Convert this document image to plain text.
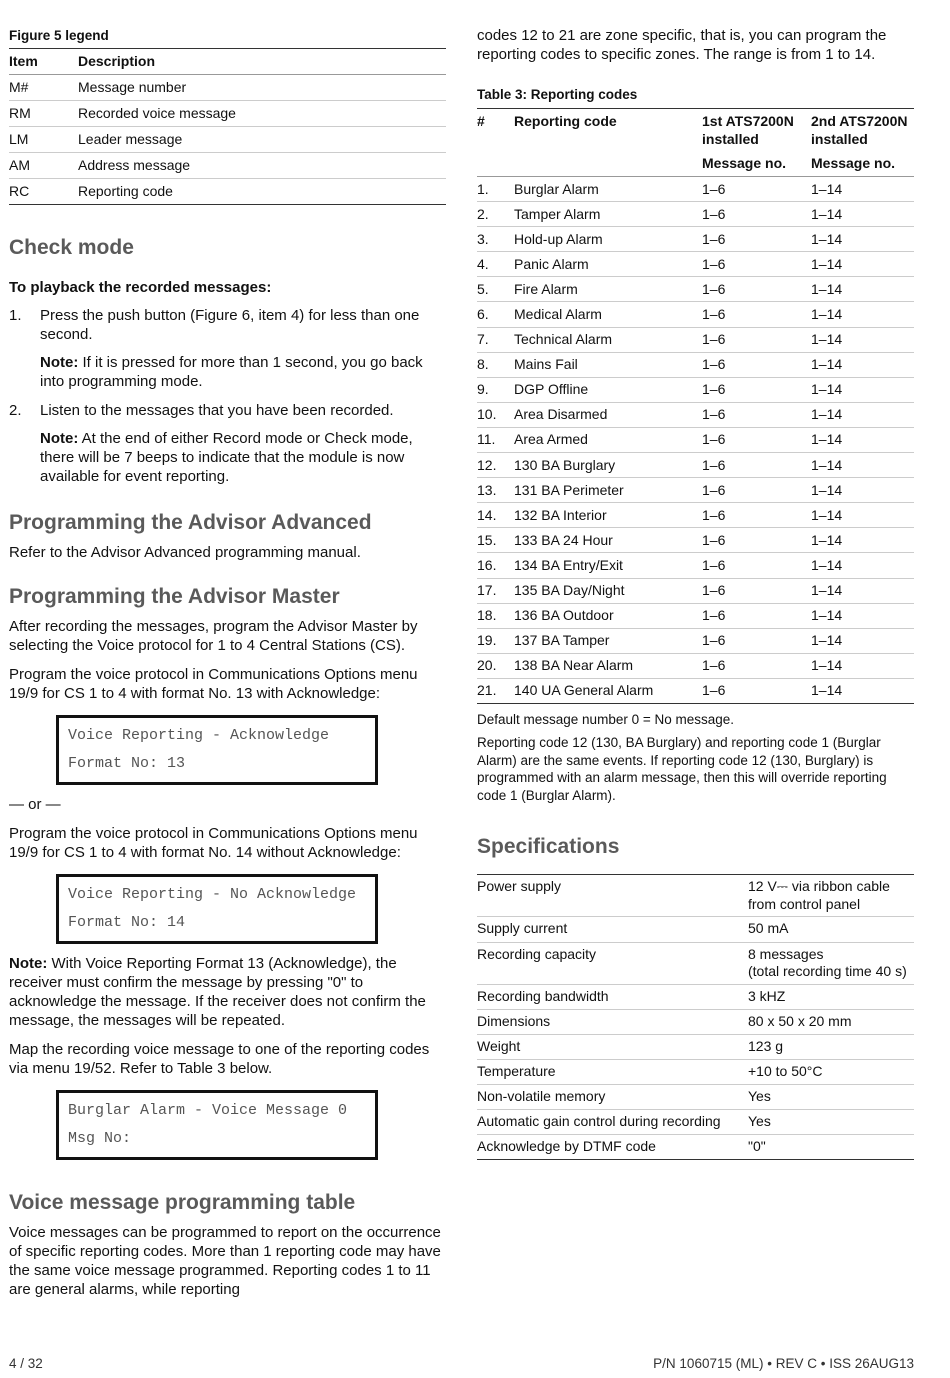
Figure 5 legend
Item	Description
M#	Message number
RM	Recorded voice message
LM	Leader message
AM	Address message
RC	Reporting code
Check mode
To playback the recorded messages:
1. Press the push button (Figure 6, item 4) for less than one second.

Note: If it is pressed for more than 1 second, you go back into programming mode.

2. Listen to the messages that you have been recorded.

Note: At the end of either Record mode or Check mode, there will be 7 beeps to indicate that the module is now available for event reporting.

Programming the Advisor Advanced

Refer to the Advisor Advanced programming manual.

Programming the Advisor Master

After recording the messages, program the Advisor Master by selecting the Voice protocol for 1 to 4 Central Stations (CS).

Program the voice protocol in Communications Options menu 19/9 for CS 1 to 4 with format No. 13 with Acknowledge:

Voice Reporting - Acknowledge
Format No: 13
— or —

Program the voice protocol in Communications Options menu 19/9 for CS 1 to 4 with format No. 14 without Acknowledge:

Voice Reporting - No Acknowledge
Format No: 14

Note: With Voice Reporting Format 13 (Acknowledge), the receiver must confirm the message by pressing "0" to acknowledge the message. If the receiver does not confirm the message, the messages will be repeated.

Map the recording voice message to one of the reporting codes via menu 19/52. Refer to Table 3 below.

Burglar Alarm - Voice Message 0
Msg No:
Voice message programming table

Voice messages can be programmed to report on the occurrence of specific reporting codes. More than 1 reporting code may have the same voice message programmed. Reporting codes 1 to 11 are general alarms, while reporting

codes 12 to 21 are zone specific, that is, you can program the reporting codes to specific zones. The range is from 1 to 14.

Table 3: Reporting codes
#	Reporting code	1st ATS7200N installed	2nd ATS7200N installed
		Message no.	Message no.
1.	Burglar Alarm	1–6	1–14
2.	Tamper Alarm	1–6	1–14
3.	Hold-up Alarm	1–6	1–14
4.	Panic Alarm	1–6	1–14
5.	Fire Alarm	1–6	1–14
6.	Medical Alarm	1–6	1–14
7.	Technical Alarm	1–6	1–14
8.	Mains Fail	1–6	1–14
9.	DGP Offline	1–6	1–14
10.	Area Disarmed	1–6	1–14
11.	Area Armed	1–6	1–14
12.	130 BA Burglary	1–6	1–14
13.	131 BA Perimeter	1–6	1–14
14.	132 BA Interior	1–6	1–14
15.	133 BA 24 Hour	1–6	1–14
16.	134 BA Entry/Exit	1–6	1–14
17.	135 BA Day/Night	1–6	1–14
18.	136 BA Outdoor	1–6	1–14
19.	137 BA Tamper	1–6	1–14
20.	138 BA Near Alarm	1–6	1–14
21.	140 UA General Alarm	1–6	1–14

Default message number 0 = No message.

Reporting code 12 (130, BA Burglary) and reporting code 1 (Burglar Alarm) are the same events. If reporting code 12 (130, Burglary) is programmed with an alarm message, then this will override reporting code 1 (Burglar Alarm).

Specifications
Power supply	12 V⎓ via ribbon cable
from control panel
Supply current	50 mA
Recording capacity	8 messages
(total recording time 40 s)
Recording bandwidth	3 kHZ
Dimensions	80 x 50 x 20 mm
Weight	123 g
Temperature	+10 to 50°C
Non-volatile memory	Yes
Automatic gain control during recording	Yes
Acknowledge by DTMF code	"0"
4 / 32	P/N 1060715 (ML) • REV C • ISS 26AUG13
